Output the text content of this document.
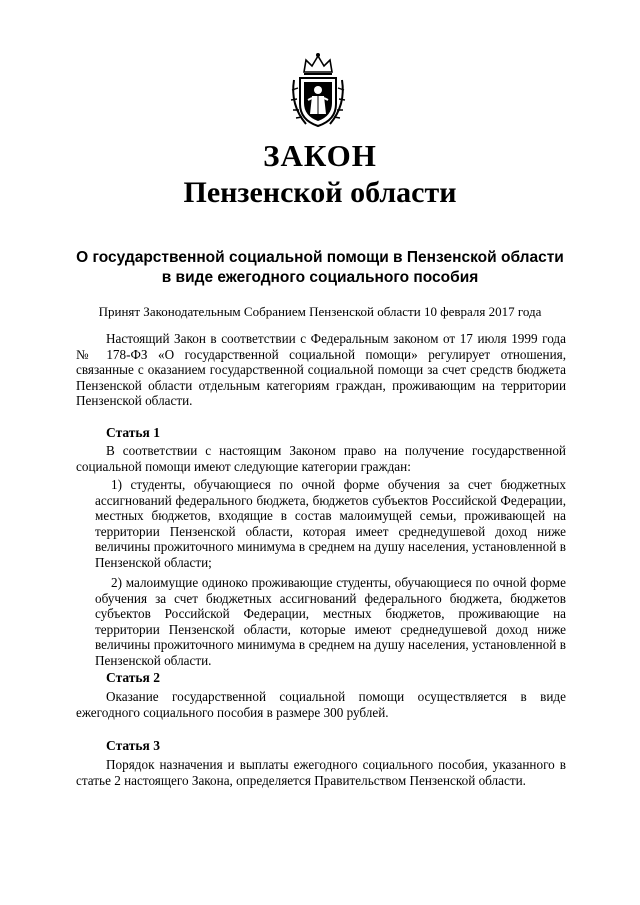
ЗАКОН
Пензенской области
О государственной социальной помощи в Пензенской области
в виде ежегодного социального пособия
Принят Законодательным Собранием Пензенской области 10 февраля 2017 года

Настоящий Закон в соответствии с Федеральным законом от 17 июля 1999 года № 178-ФЗ «О государственной социальной помощи» регулирует отношения, связанные с оказанием государственной социальной помощи за счет средств бюджета Пензенской области отдельным категориям граждан, проживающим на территории Пензенской области.

Статья 1

В соответствии с настоящим Законом право на получение государственной социальной помощи имеют следующие категории граждан:

1) студенты, обучающиеся по очной форме обучения за счет бюджетных ассигнований федерального бюджета, бюджетов субъектов Российской Федерации, местных бюджетов, входящие в состав малоимущей семьи, проживающей на территории Пензенской области, которая имеет среднедушевой доход ниже величины прожиточного минимума в среднем на душу населения, установленной в Пензенской области;

2) малоимущие одиноко проживающие студенты, обучающиеся по очной форме обучения за счет бюджетных ассигнований федерального бюджета, бюджетов субъектов Российской Федерации, местных бюджетов, проживающие на территории Пензенской области, которые имеют среднедушевой доход ниже величины прожиточного минимума в среднем на душу населения, установленной в Пензенской области.

Статья 2

Оказание государственной социальной помощи осуществляется в виде ежегодного социального пособия в размере 300 рублей.

Статья 3

Порядок назначения и выплаты ежегодного социального пособия, указанного в статье 2 настоящего Закона, определяется Правительством Пензенской области.
